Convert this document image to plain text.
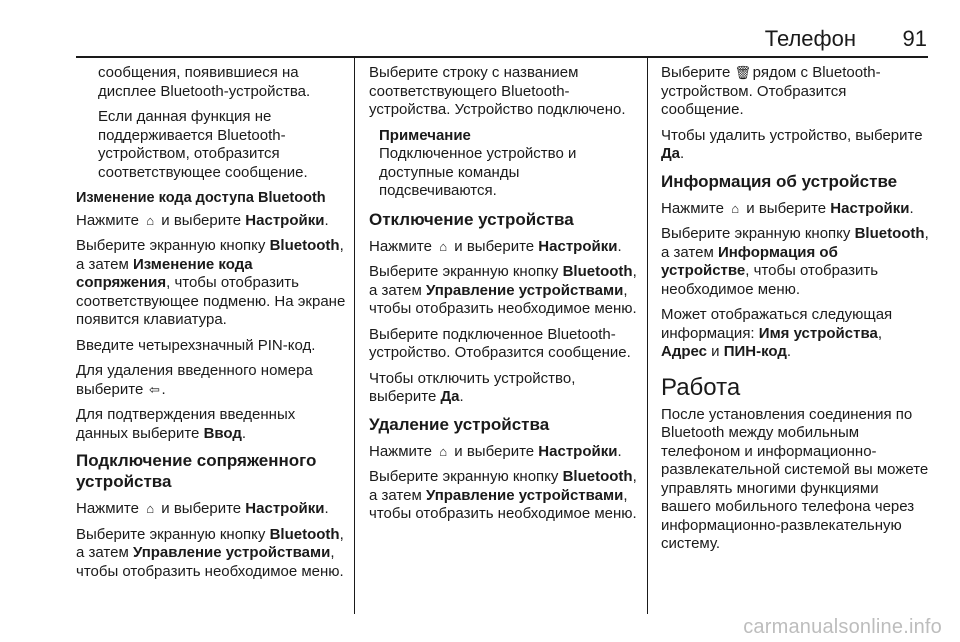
Телефон 91

сообщения, появившиеся на дисплее Bluetooth-устройства.

Если данная функция не поддерживается Bluetooth-устройством, отобразится соответствующее сообщение.

Изменение кода доступа Bluetooth

Нажмите ⌂ и выберите Настройки.

Выберите экранную кнопку Bluetooth, а затем Изменение кода сопряжения, чтобы отобразить соответствующее подменю. На экране появится клавиатура.

Введите четырехзначный PIN-код.

Для удаления введенного номера выберите ⇦ .

Для подтверждения введенных данных выберите Ввод.

Подключение сопряженного устройства

Нажмите ⌂ и выберите Настройки.

Выберите экранную кнопку Bluetooth, а затем Управление устройствами, чтобы отобразить необходимое меню.

Выберите строку с названием соответствующего Bluetooth-устройства. Устройство подключено.

Примечание

Подключенное устройство и доступные команды подсвечиваются.

Отключение устройства

Нажмите ⌂ и выберите Настройки.

Выберите экранную кнопку Bluetooth, а затем Управление устройствами, чтобы отобразить необходимое меню.

Выберите подключенное Bluetooth-устройство. Отобразится сообщение.

Чтобы отключить устройство, выберите Да.

Удаление устройства

Нажмите ⌂ и выберите Настройки.

Выберите экранную кнопку Bluetooth, а затем Управление устройствами, чтобы отобразить необходимое меню.

Выберите 🗑 рядом с Bluetooth-устройством. Отобразится сообщение.

Чтобы удалить устройство, выберите Да.

Информация об устройстве

Нажмите ⌂ и выберите Настройки.

Выберите экранную кнопку Bluetooth, а затем Информация об устройстве, чтобы отобразить необходимое меню.

Может отображаться следующая информация: Имя устройства, Адрес и ПИН-код.

Работа

После установления соединения по Bluetooth между мобильным телефоном и информационно-развлекательной системой вы можете управлять многими функциями вашего мобильного телефона через информационно-развлекательную систему.

carmanualsonline.info
